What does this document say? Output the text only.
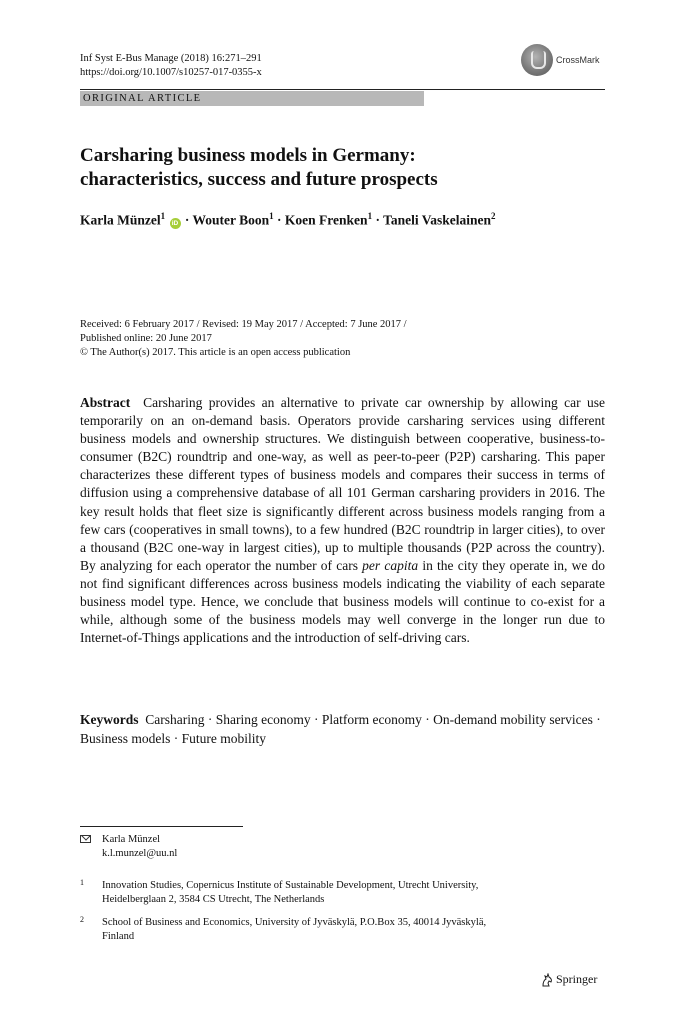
Inf Syst E-Bus Manage (2018) 16:271–291
https://doi.org/10.1007/s10257-017-0355-x
CrossMark
ORIGINAL ARTICLE
Carsharing business models in Germany:
characteristics, success and future prospects
Karla Münzel$^1$ iD · Wouter Boon$^1$ · Koen Frenken$^1$ · Taneli Vaskelainen$^2$
Received: 6 February 2017 / Revised: 19 May 2017 / Accepted: 7 June 2017 /
Published online: 20 June 2017
© The Author(s) 2017. This article is an open access publication

Abstract Carsharing provides an alternative to private car ownership by allowing car use temporarily on an on-demand basis. Operators provide carsharing services using different business models and ownership structures. We distinguish between cooperative, business-to-consumer (B2C) roundtrip and one-way, as well as peer-to-peer (P2P) carsharing. This paper characterizes these different types of business models and compares their success in terms of diffusion using a comprehensive database of all 101 German carsharing providers in 2016. The key result holds that fleet size is significantly different across business models ranging from a few cars (cooperatives in small towns), to a few hundred (B2C roundtrip in larger cities), to over a thousand (B2C one-way in largest cities), up to multiple thousands (P2P across the country). By analyzing for each operator the number of cars per capita in the city they operate in, we do not find significant differences across business models indicating the viability of each separate business model type. Hence, we conclude that business models will continue to co-exist for a while, although some of the business models may well converge in the longer run due to Internet-of-Things applications and the introduction of self-driving cars.

Keywords Carsharing · Sharing economy · Platform economy · On-demand mobility services · Business models · Future mobility

Karla Münzel
k.l.munzel@uu.nl
1	Innovation Studies, Copernicus Institute of Sustainable Development, Utrecht University,
Heidelberglaan 2, 3584 CS Utrecht, The Netherlands
2	School of Business and Economics, University of Jyväskylä, P.O.Box 35, 40014 Jyväskylä,
Finland
Springer
